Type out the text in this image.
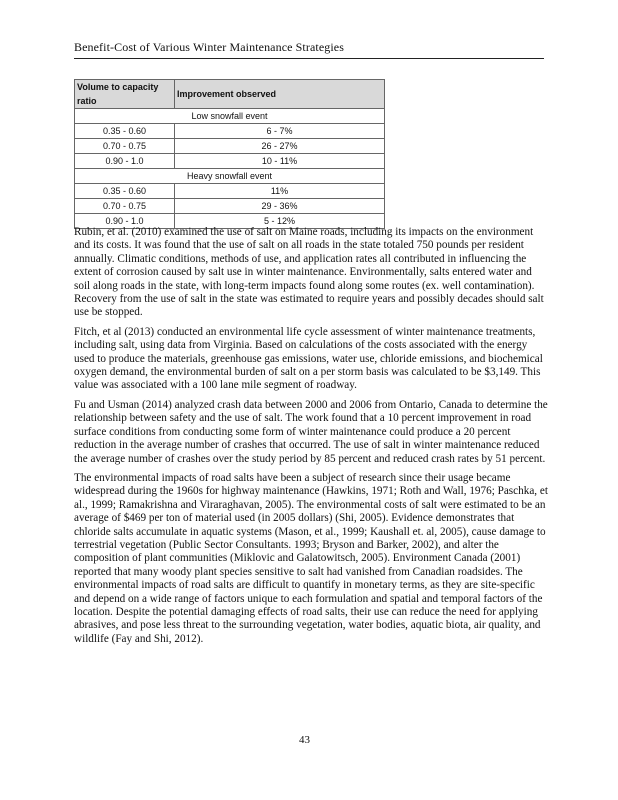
Benefit-Cost of Various Winter Maintenance Strategies
Volume to capacity ratio	Improvement observed
Low snowfall event	
0.35 - 0.60	6 - 7%
0.70 - 0.75	26 - 27%
0.90 - 1.0	10 - 11%
Heavy snowfall event	
0.35 - 0.60	11%
0.70 - 0.75	29 - 36%
0.90 - 1.0	5 - 12%

Rubin, et al. (2010) examined the use of salt on Maine roads, including its impacts on the environment and its costs. It was found that the use of salt on all roads in the state totaled 750 pounds per resident annually. Climatic conditions, methods of use, and application rates all contributed in influencing the extent of corrosion caused by salt use in winter maintenance. Environmentally, salts entered water and soil along roads in the state, with long-term impacts found along some routes (ex. well contamination). Recovery from the use of salt in the state was estimated to require years and possibly decades should salt use be stopped.

Fitch, et al (2013) conducted an environmental life cycle assessment of winter maintenance treatments, including salt, using data from Virginia. Based on calculations of the costs associated with the energy used to produce the materials, greenhouse gas emissions, water use, chloride emissions, and biochemical oxygen demand, the environmental burden of salt on a per storm basis was calculated to be $3,149. This value was associated with a 100 lane mile segment of roadway.

Fu and Usman (2014) analyzed crash data between 2000 and 2006 from Ontario, Canada to determine the relationship between safety and the use of salt. The work found that a 10 percent improvement in road surface conditions from conducting some form of winter maintenance could produce a 20 percent reduction in the average number of crashes that occurred. The use of salt in winter maintenance reduced the average number of crashes over the study period by 85 percent and reduced crash rates by 51 percent.

The environmental impacts of road salts have been a subject of research since their usage became widespread during the 1960s for highway maintenance (Hawkins, 1971; Roth and Wall, 1976; Paschka, et al., 1999; Ramakrishna and Viraraghavan, 2005). The environmental costs of salt were estimated to be an average of $469 per ton of material used (in 2005 dollars) (Shi, 2005). Evidence demonstrates that chloride salts accumulate in aquatic systems (Mason, et al., 1999; Kaushall et. al, 2005), cause damage to terrestrial vegetation (Public Sector Consultants. 1993; Bryson and Barker, 2002), and alter the composition of plant communities (Miklovic and Galatowitsch, 2005). Environment Canada (2001) reported that many woody plant species sensitive to salt had vanished from Canadian roadsides. The environmental impacts of road salts are difficult to quantify in monetary terms, as they are site-specific and depend on a wide range of factors unique to each formulation and spatial and temporal factors of the location. Despite the potential damaging effects of road salts, their use can reduce the need for applying abrasives, and pose less threat to the surrounding vegetation, water bodies, aquatic biota, air quality, and wildlife (Fay and Shi, 2012).

43
